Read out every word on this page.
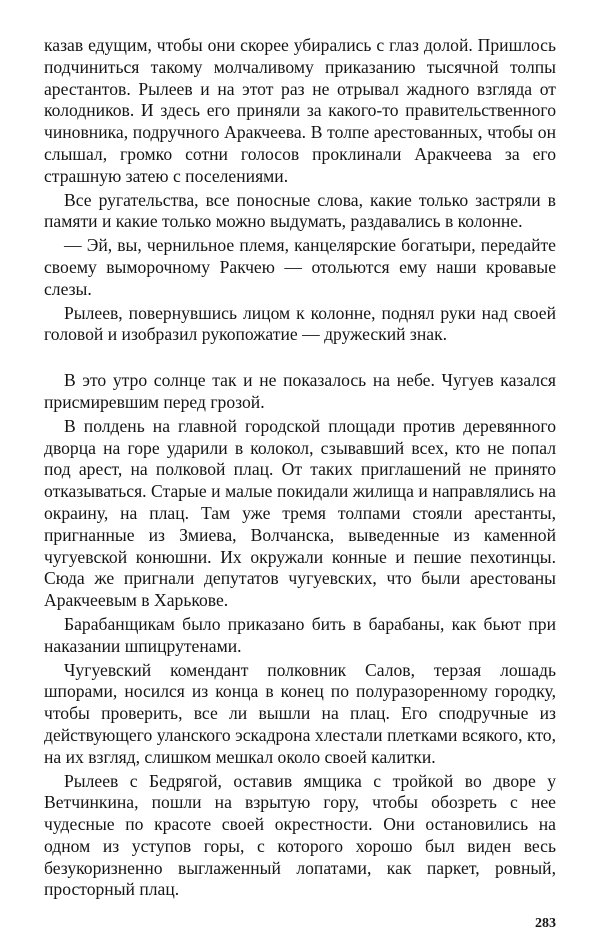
казав едущим, чтобы они скорее убирались с глаз долой. Пришлось подчиниться такому молчаливому приказанию тысячной толпы арестантов. Рылеев и на этот раз не отрывал жадного взгляда от колодников. И здесь его приняли за какого-то правительственного чиновника, подручного Аракчеева. В толпе арестованных, чтобы он слышал, громко сотни голосов проклинали Аракчеева за его страшную затею с поселениями.

Все ругательства, все поносные слова, какие только застряли в памяти и какие только можно выдумать, раздавались в колонне.

— Эй, вы, чернильное племя, канцелярские богатыри, передайте своему выморочному Ракчею — отольются ему наши кровавые слезы.

Рылеев, повернувшись лицом к колонне, поднял руки над своей головой и изобразил рукопожатие — дружеский знак.

В это утро солнце так и не показалось на небе. Чугуев казался присмиревшим перед грозой.

В полдень на главной городской площади против деревянного дворца на горе ударили в колокол, сзывавший всех, кто не попал под арест, на полковой плац. От таких приглашений не принято отказываться. Старые и малые покидали жилища и направлялись на окраину, на плац. Там уже тремя толпами стояли арестанты, пригнанные из Змиева, Волчанска, выведенные из каменной чугуевской конюшни. Их окружали конные и пешие пехотинцы. Сюда же пригнали депутатов чугуевских, что были арестованы Аракчеевым в Харькове.

Барабанщикам было приказано бить в барабаны, как бьют при наказании шпицрутенами.

Чугуевский комендант полковник Салов, терзая лошадь шпорами, носился из конца в конец по полуразоренному городку, чтобы проверить, все ли вышли на плац. Его сподручные из действующего уланского эскадрона хлестали плетками всякого, кто, на их взгляд, слишком мешкал около своей калитки.

Рылеев с Бедрягой, оставив ямщика с тройкой во дворе у Ветчинкина, пошли на взрытую гору, чтобы обозреть с нее чудесные по красоте своей окрестности. Они остановились на одном из уступов горы, с которого хорошо был виден весь безукоризненно выглаженный лопатами, как паркет, ровный, просторный плац.

283
